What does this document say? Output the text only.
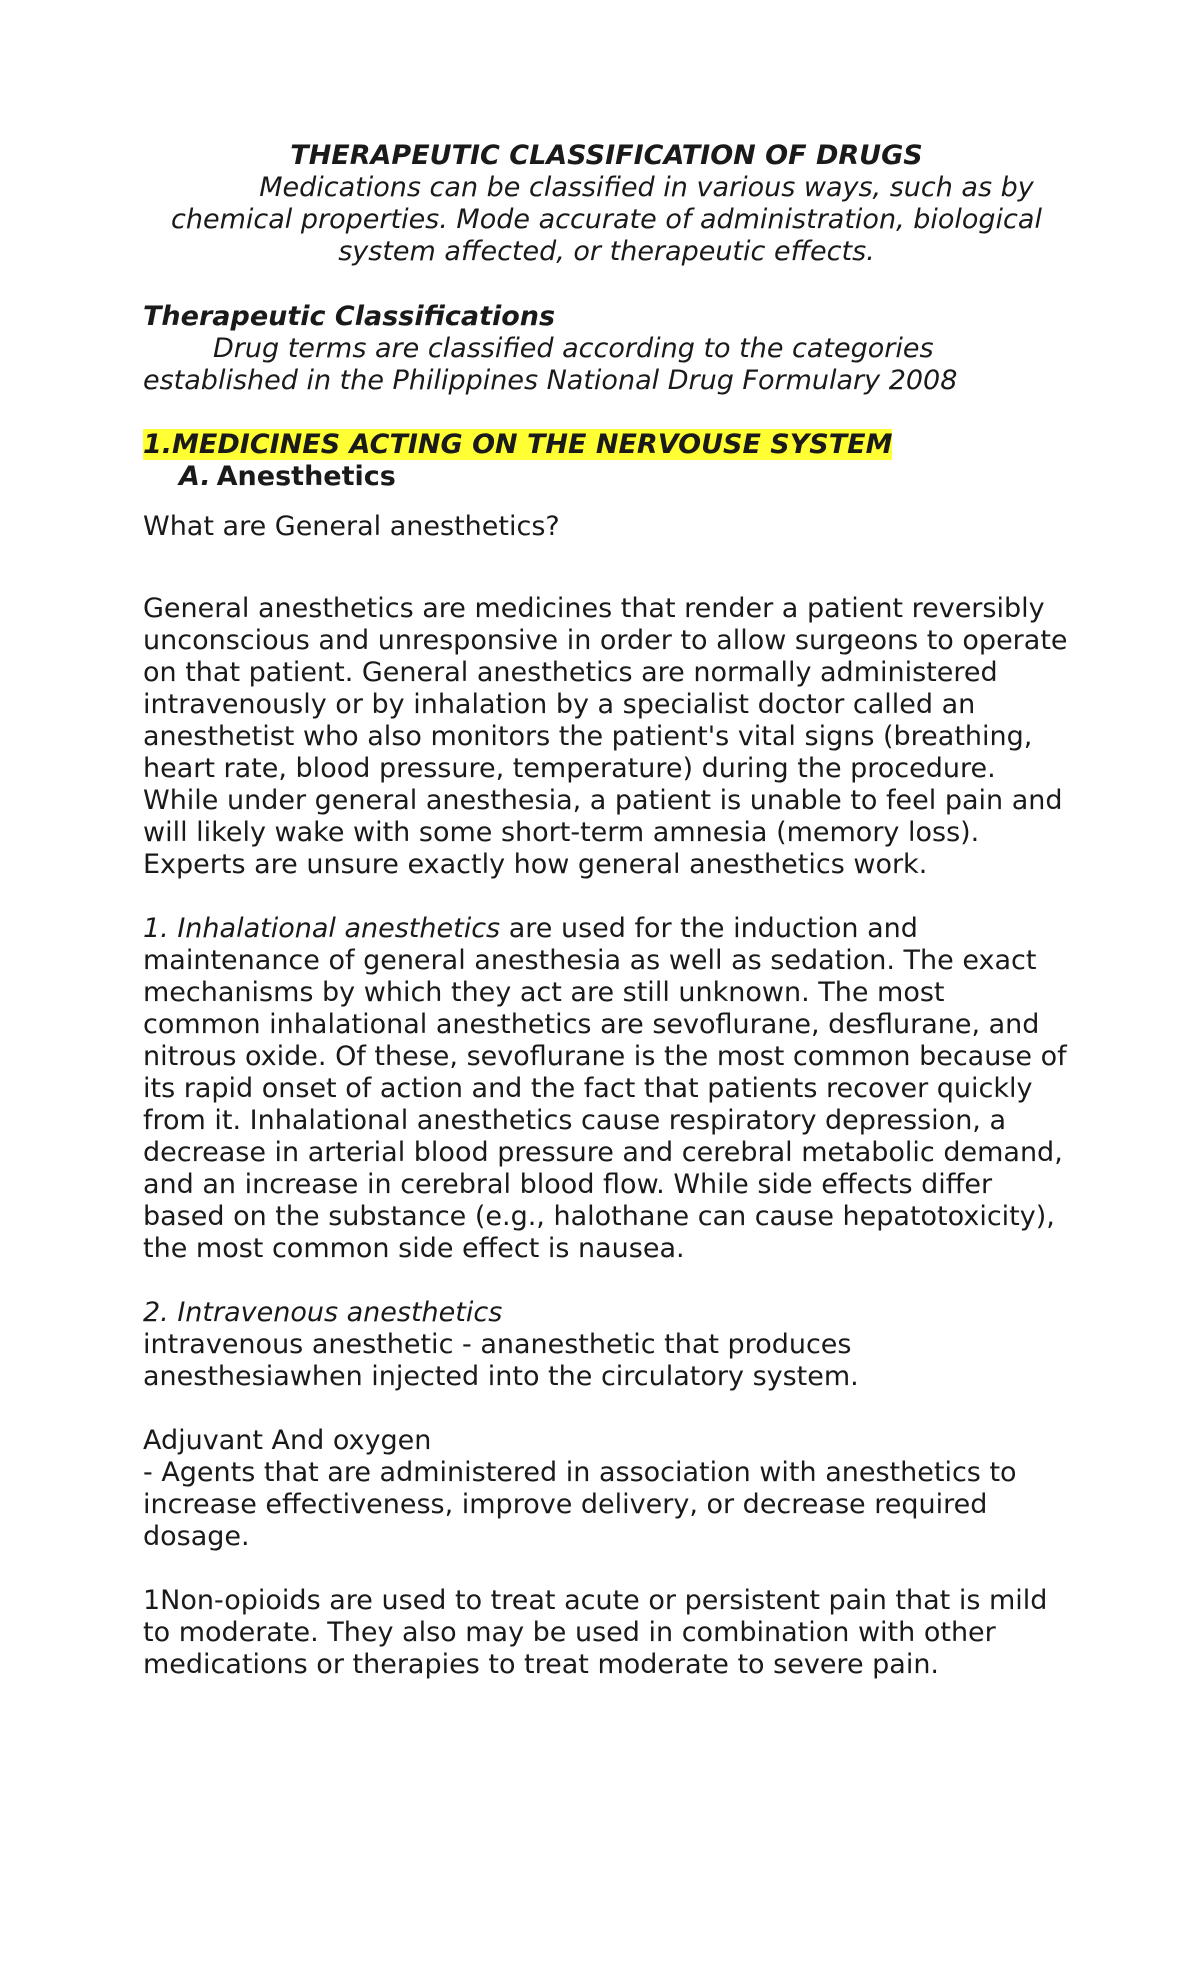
THERAPEUTIC CLASSIFICATION OF DRUGS

Medications can be classified in various ways, such as by chemical properties. Mode accurate of administration, biological system affected, or therapeutic effects.

Therapeutic Classifications

Drug terms are classified according to the categories established in the Philippines National Drug Formulary 2008

1.MEDICINES ACTING ON THE NERVOUSE SYSTEM
A. Anesthetics

What are General anesthetics?

General anesthetics are medicines that render a patient reversibly unconscious and unresponsive in order to allow surgeons to operate on that patient. General anesthetics are normally administered intravenously or by inhalation by a specialist doctor called an anesthetist who also monitors the patient's vital signs (breathing, heart rate, blood pressure, temperature) during the procedure. While under general anesthesia, a patient is unable to feel pain and will likely wake with some short-term amnesia (memory loss). Experts are unsure exactly how general anesthetics work.

1. Inhalational anesthetics are used for the induction and maintenance of general anesthesia as well as sedation. The exact mechanisms by which they act are still unknown. The most common inhalational anesthetics are sevoflurane, desflurane, and nitrous oxide. Of these, sevoflurane is the most common because of its rapid onset of action and the fact that patients recover quickly from it. Inhalational anesthetics cause respiratory depression, a decrease in arterial blood pressure and cerebral metabolic demand, and an increase in cerebral blood flow. While side effects differ based on the substance (e.g., halothane can cause hepatotoxicity), the most common side effect is nausea.

2. Intravenous anesthetics

intravenous anesthetic - ananesthetic that produces anesthesiawhen injected into the circulatory system.

Adjuvant And oxygen

- Agents that are administered in association with anesthetics to increase effectiveness, improve delivery, or decrease required dosage.

1Non-opioids are used to treat acute or persistent pain that is mild to moderate. They also may be used in combination with other medications or therapies to treat moderate to severe pain.
